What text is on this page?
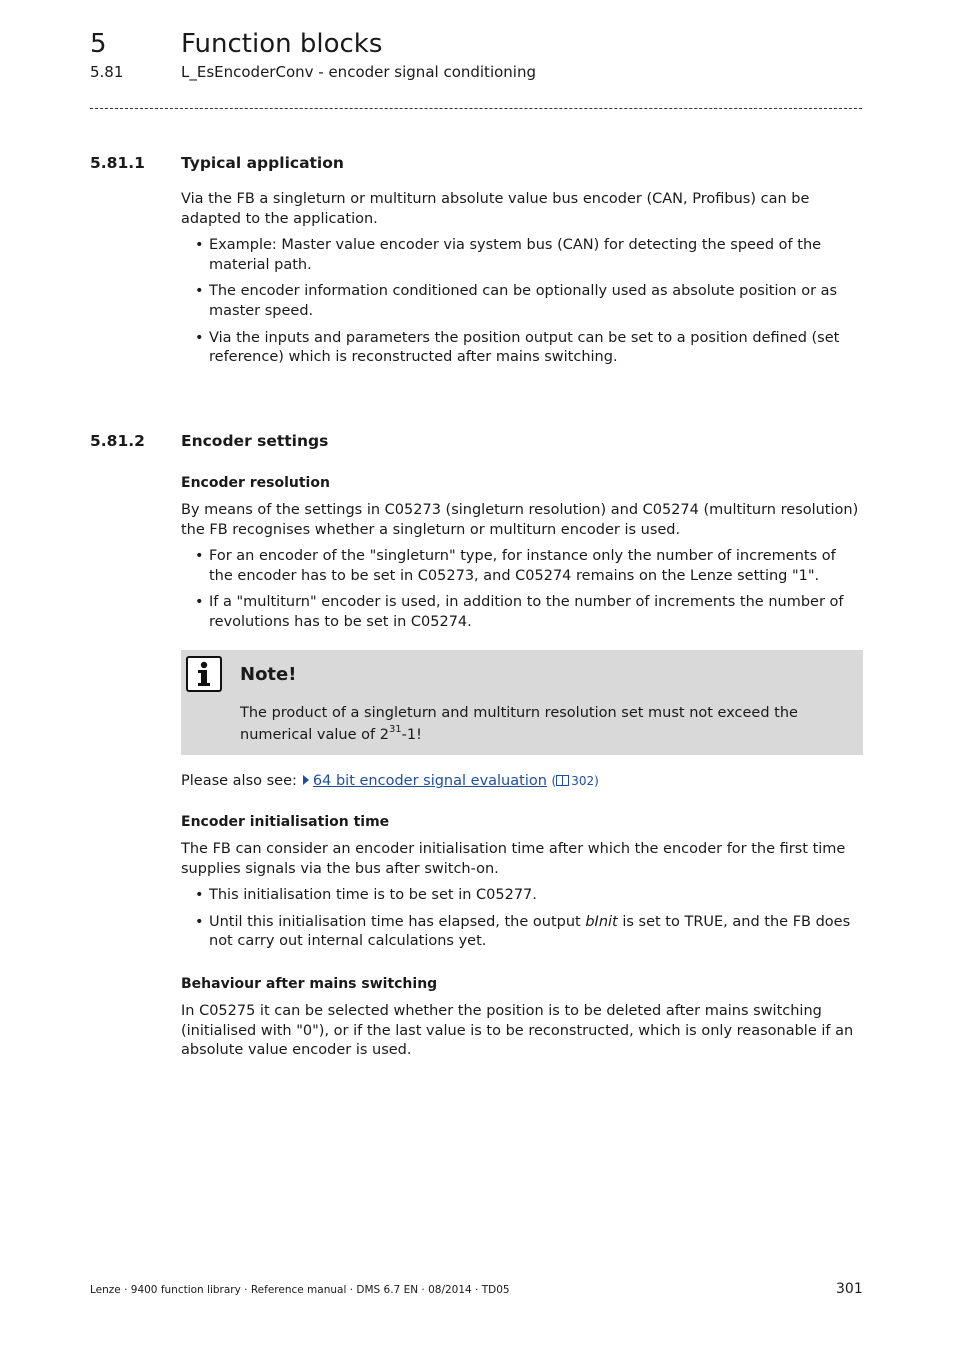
5	Function blocks
5.81	L_EsEncoderConv - encoder signal conditioning
5.81.1 Typical application

Via the FB a singleturn or multiturn absolute value bus encoder (CAN, Profibus) can be adapted to the application.

• Example: Master value encoder via system bus (CAN) for detecting the speed of the material path.
• The encoder information conditioned can be optionally used as absolute position or as master speed.
• Via the inputs and parameters the position output can be set to a position defined (set reference) which is reconstructed after mains switching.
5.81.2 Encoder settings
Encoder resolution

By means of the settings in C05273 (singleturn resolution) and C05274 (multiturn resolution) the FB recognises whether a singleturn or multiturn encoder is used.

• For an encoder of the "singleturn" type, for instance only the number of increments of the encoder has to be set in C05273, and C05274 remains on the Lenze setting "1".
• If a "multiturn" encoder is used, in addition to the number of increments the number of revolutions has to be set in C05274.
Note!
The product of a singleturn and multiturn resolution set must not exceed the numerical value of $2^{31}-1$!
Please also see: 64 bit encoder signal evaluation ( 302)
Encoder initialisation time

The FB can consider an encoder initialisation time after which the encoder for the first time supplies signals via the bus after switch-on.

• This initialisation time is to be set in C05277.
• Until this initialisation time has elapsed, the output bInit is set to TRUE, and the FB does not carry out internal calculations yet.
Behaviour after mains switching

In C05275 it can be selected whether the position is to be deleted after mains switching (initialised with "0"), or if the last value is to be reconstructed, which is only reasonable if an absolute value encoder is used.

Lenze · 9400 function library · Reference manual · DMS 6.7 EN · 08/2014 · TD05	301
